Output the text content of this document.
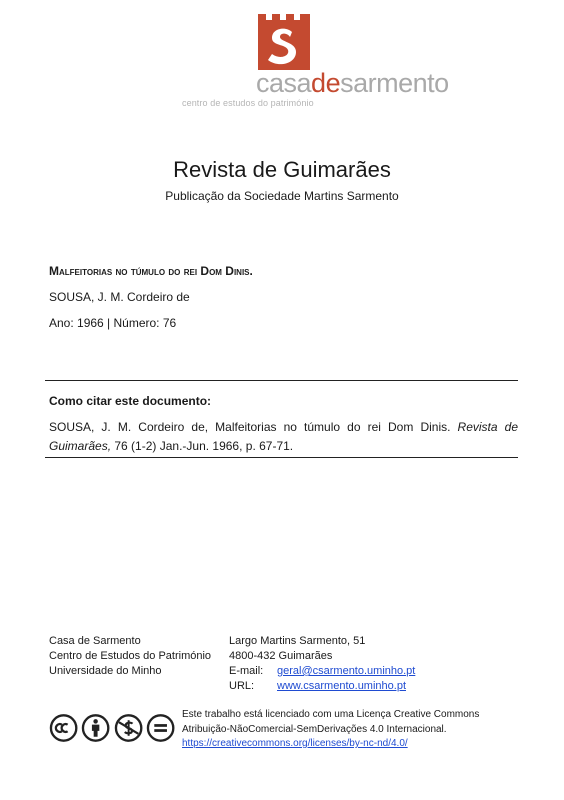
casadesarmento
centro de estudos do património
Revista de Guimarães
Publicação da Sociedade Martins Sarmento
Malfeitorias no túmulo do rei Dom Dinis.
SOUSA, J. M. Cordeiro de
Ano: 1966 | Número: 76
Como citar este documento:
SOUSA, J. M. Cordeiro de, Malfeitorias no túmulo do rei Dom Dinis. Revista de Guimarães, 76 (1-2) Jan.-Jun. 1966, p. 67-71.
Casa de Sarmento
Centro de Estudos do Património
Universidade do Minho
Largo Martins Sarmento, 51
4800-432 Guimarães
E-mail:	geral@csarmento.uminho.pt
URL:	www.csarmento.uminho.pt
Este trabalho está licenciado com uma Licença Creative Commons
Atribuição-NãoComercial-SemDerivações 4.0 Internacional.
https://creativecommons.org/licenses/by-nc-nd/4.0/
